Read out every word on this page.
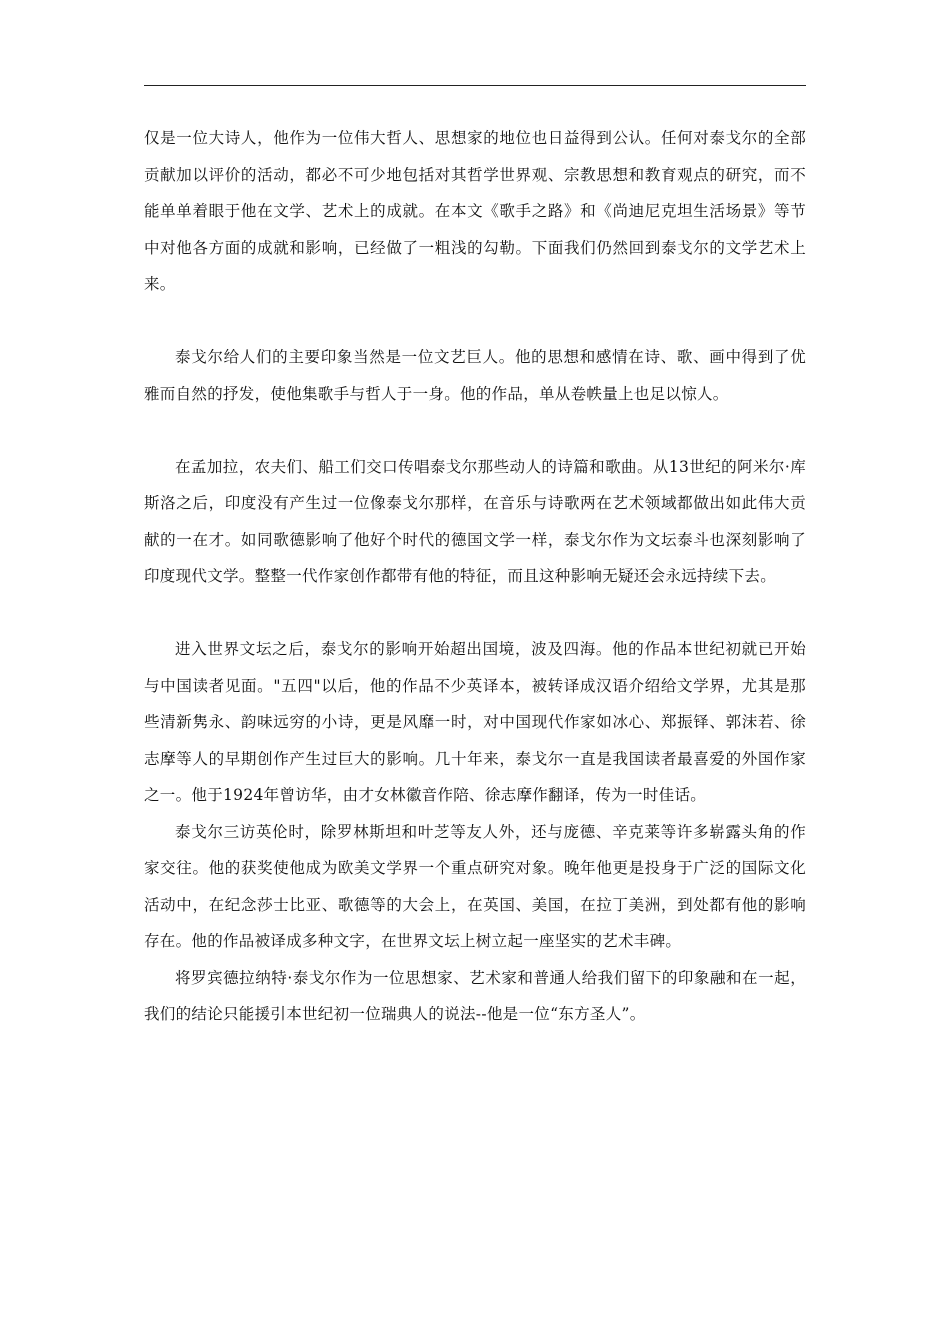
仅是一位大诗人，他作为一位伟大哲人、思想家的地位也日益得到公认。任何对泰戈尔的全部贡献加以评价的活动，都必不可少地包括对其哲学世界观、宗教思想和教育观点的研究，而不能单单着眼于他在文学、艺术上的成就。在本文《歌手之路》和《尚迪尼克坦生活场景》等节中对他各方面的成就和影响，已经做了一粗浅的勾勒。下面我们仍然回到泰戈尔的文学艺术上来。

泰戈尔给人们的主要印象当然是一位文艺巨人。他的思想和感情在诗、歌、画中得到了优雅而自然的抒发，使他集歌手与哲人于一身。他的作品，单从卷帙量上也足以惊人。

在孟加拉，农夫们、船工们交口传唱泰戈尔那些动人的诗篇和歌曲。从13世纪的阿米尔·库斯洛之后，印度没有产生过一位像泰戈尔那样，在音乐与诗歌两在艺术领域都做出如此伟大贡献的一在才。如同歌德影响了他好个时代的德国文学一样，泰戈尔作为文坛泰斗也深刻影响了印度现代文学。整整一代作家创作都带有他的特征，而且这种影响无疑还会永远持续下去。

进入世界文坛之后，泰戈尔的影响开始超出国境，波及四海。他的作品本世纪初就已开始与中国读者见面。"五四"以后，他的作品不少英译本，被转译成汉语介绍给文学界，尤其是那些清新隽永、韵味远穷的小诗，更是风靡一时，对中国现代作家如冰心、郑振铎、郭沫若、徐志摩等人的早期创作产生过巨大的影响。几十年来，泰戈尔一直是我国读者最喜爱的外国作家之一。他于1924年曾访华，由才女林徽音作陪、徐志摩作翻译，传为一时佳话。

泰戈尔三访英伦时，除罗林斯坦和叶芝等友人外，还与庞德、辛克莱等许多崭露头角的作家交往。他的获奖使他成为欧美文学界一个重点研究对象。晚年他更是投身于广泛的国际文化活动中，在纪念莎士比亚、歌德等的大会上，在英国、美国，在拉丁美洲，到处都有他的影响存在。他的作品被译成多种文字，在世界文坛上树立起一座坚实的艺术丰碑。

将罗宾德拉纳特·泰戈尔作为一位思想家、艺术家和普通人给我们留下的印象融和在一起，我们的结论只能援引本世纪初一位瑞典人的说法--他是一位“东方圣人”。
